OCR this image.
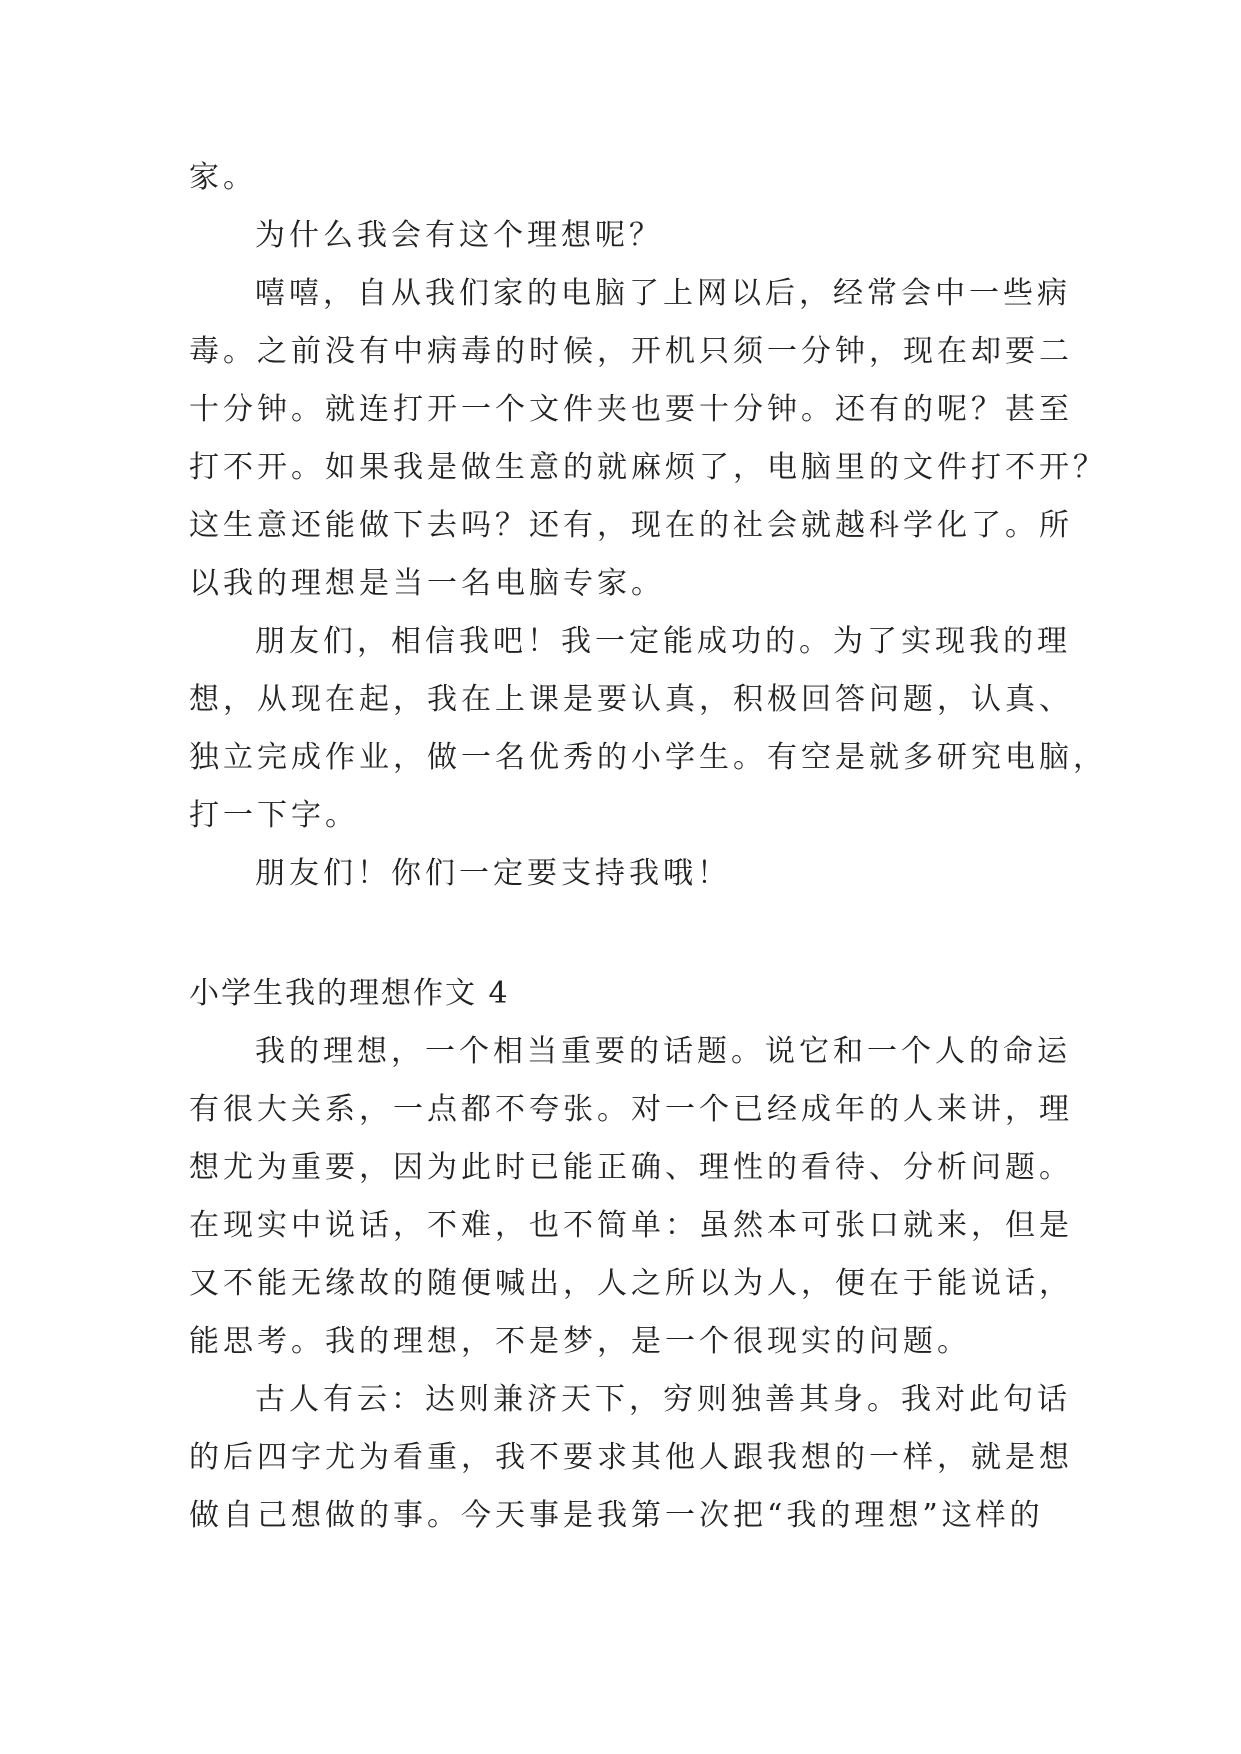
家。
为什么我会有这个理想呢？
嘻嘻，自从我们家的电脑了上网以后，经常会中一些病
毒。之前没有中病毒的时候，开机只须一分钟，现在却要二
十分钟。就连打开一个文件夹也要十分钟。还有的呢？甚至
打不开。如果我是做生意的就麻烦了，电脑里的文件打不开？
这生意还能做下去吗？还有，现在的社会就越科学化了。所
以我的理想是当一名电脑专家。
朋友们，相信我吧！我一定能成功的。为了实现我的理
想，从现在起，我在上课是要认真，积极回答问题，认真、
独立完成作业，做一名优秀的小学生。有空是就多研究电脑，
打一下字。
朋友们！你们一定要支持我哦！
小学生我的理想作文 4
我的理想，一个相当重要的话题。说它和一个人的命运
有很大关系，一点都不夸张。对一个已经成年的人来讲，理
想尤为重要，因为此时已能正确、理性的看待、分析问题。
在现实中说话，不难，也不简单：虽然本可张口就来，但是
又不能无缘故的随便喊出，人之所以为人，便在于能说话，
能思考。我的理想，不是梦，是一个很现实的问题。
古人有云：达则兼济天下，穷则独善其身。我对此句话
的后四字尤为看重，我不要求其他人跟我想的一样，就是想
做自己想做的事。今天事是我第一次把“我的理想”这样的
